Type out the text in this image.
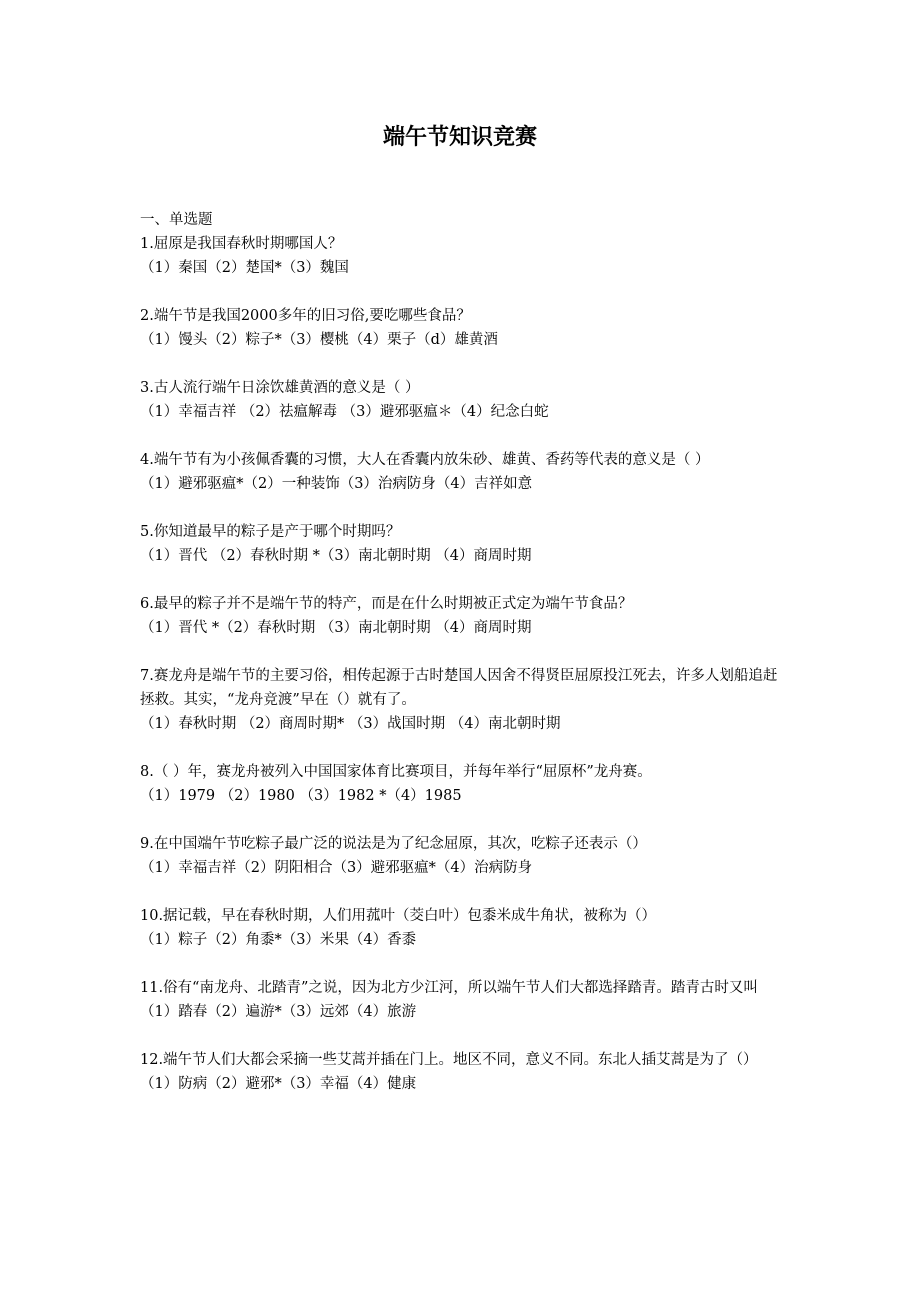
端午节知识竞赛

一、单选题

1.屈原是我国春秋时期哪国人？

（1）秦国（2）楚国*（3）魏国

2.端午节是我国2000多年的旧习俗,要吃哪些食品？

（1）馒头（2）粽子*（3）樱桃（4）栗子（d）雄黄酒

3.古人流行端午日涂饮雄黄酒的意义是（ ）

（1）幸福吉祥 （2）祛瘟解毒 （3）避邪驱瘟＊（4）纪念白蛇

4.端午节有为小孩佩香囊的习惯，大人在香囊内放朱砂、雄黄、香药等代表的意义是（ ）

（1）避邪驱瘟*（2）一种装饰（3）治病防身（4）吉祥如意

5.你知道最早的粽子是产于哪个时期吗？

（1）晋代 （2）春秋时期 *（3）南北朝时期 （4）商周时期

6.最早的粽子并不是端午节的特产，而是在什么时期被正式定为端午节食品？

（1）晋代 *（2）春秋时期 （3）南北朝时期 （4）商周时期

7.赛龙舟是端午节的主要习俗，相传起源于古时楚国人因舍不得贤臣屈原投江死去，许多人划船追赶拯救。其实，“龙舟竞渡”早在（）就有了。

（1）春秋时期 （2）商周时期* （3）战国时期 （4）南北朝时期

8.（ ）年，赛龙舟被列入中国国家体育比赛项目，并每年举行“屈原杯”龙舟赛。

（1）1979 （2）1980 （3）1982 *（4）1985

9.在中国端午节吃粽子最广泛的说法是为了纪念屈原，其次，吃粽子还表示（）

（1）幸福吉祥（2）阴阳相合（3）避邪驱瘟*（4）治病防身

10.据记载，早在春秋时期，人们用菰叶（茭白叶）包黍米成牛角状，被称为（）

（1）粽子（2）角黍*（3）米果（4）香黍

11.俗有“南龙舟、北踏青”之说，因为北方少江河，所以端午节人们大都选择踏青。踏青古时又叫

（1）踏春（2）遍游*（3）远郊（4）旅游

12.端午节人们大都会采摘一些艾蒿并插在门上。地区不同，意义不同。东北人插艾蒿是为了（）

（1）防病（2）避邪*（3）幸福（4）健康
